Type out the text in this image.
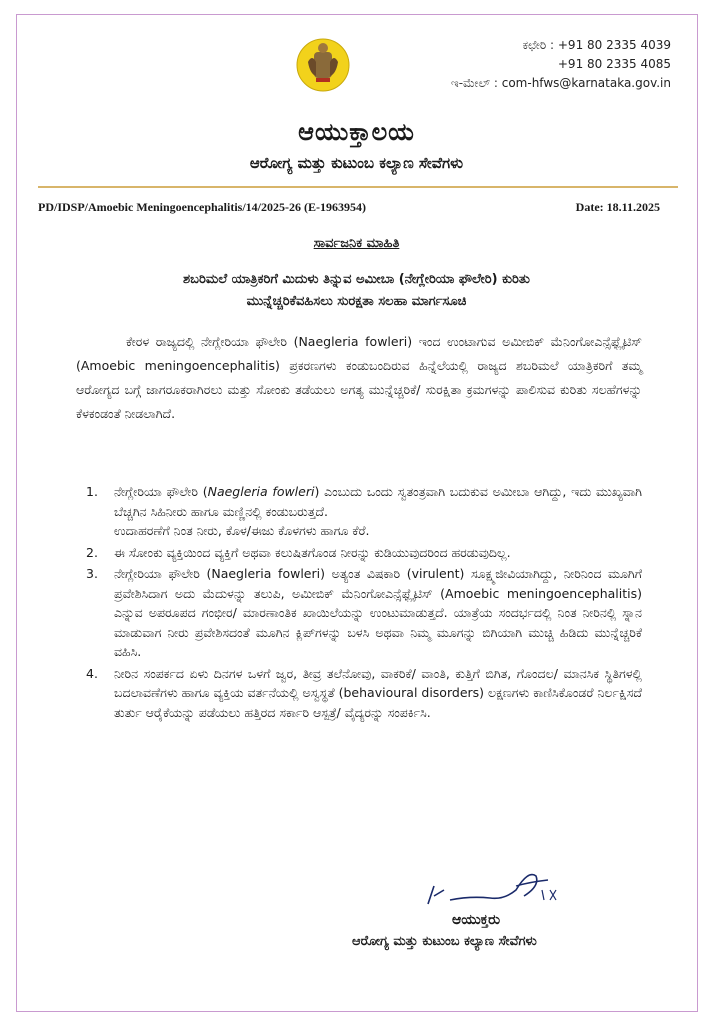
ಕಛೇರಿ : +91 80 2335 4039
+91 80 2335 4085
ಇ-ಮೇಲ್ : com-hfws@karnataka.gov.in
ಆಯುಕ್ತಾಲಯ
ಆರೋಗ್ಯ ಮತ್ತು ಕುಟುಂಬ ಕಲ್ಯಾಣ ಸೇವೆಗಳು
PD/IDSP/Amoebic Meningoencephalitis/14/2025-26 (E-1963954)	Date: 18.11.2025
ಸಾರ್ವಜನಿಕ ಮಾಹಿತಿ
ಶಬರಿಮಲೆ ಯಾತ್ರಿಕರಿಗೆ ಮಿದುಳು ತಿನ್ನುವ ಅಮೀಬಾ (ನೇಗ್ಲೇರಿಯಾ ಫೌಲೇರಿ) ಕುರಿತು
ಮುನ್ನೆಚ್ಚರಿಕೆವಹಿಸಲು ಸುರಕ್ಷತಾ ಸಲಹಾ ಮಾರ್ಗಸೂಚಿ
ಕೇರಳ ರಾಜ್ಯದಲ್ಲಿ ನೇಗ್ಲೇರಿಯಾ ಫೌಲೇರಿ (Naegleria fowleri) ಇಂದ ಉಂಟಾಗುವ ಅಮೀಬಿಕ್ ಮೆನಿಂಗೋಎನ್ಸೆಫ್ಲೈಟಿಸ್ (Amoebic meningoencephalitis) ಪ್ರಕರಣಗಳು ಕಂಡುಬಂದಿರುವ ಹಿನ್ನೆಲೆಯಲ್ಲಿ ರಾಜ್ಯದ ಶಬರಿಮಲೆ ಯಾತ್ರಿಕರಿಗೆ ತಮ್ಮ ಆರೋಗ್ಯದ ಬಗ್ಗೆ ಜಾಗರೂಕರಾಗಿರಲು ಮತ್ತು ಸೋಂಕು ತಡೆಯಲು ಅಗತ್ಯ ಮುನ್ನೆಚ್ಚರಿಕೆ/ ಸುರಕ್ಷಿತಾ ಕ್ರಮಗಳನ್ನು ಪಾಲಿಸುವ ಕುರಿತು ಸಲಹೆಗಳನ್ನು ಕೆಳಕಂಡಂತೆ ನೀಡಲಾಗಿದೆ.
1. ನೇಗ್ಲೇರಿಯಾ ಫೌಲೇರಿ (Naegleria fowleri) ಎಂಬುದು ಒಂದು ಸ್ವತಂತ್ರವಾಗಿ ಬದುಕುವ ಅಮೀಬಾ ಆಗಿದ್ದು, ಇದು ಮುಖ್ಯವಾಗಿ ಬೆಚ್ಚಗಿನ ಸಿಹಿನೀರು ಹಾಗೂ ಮಣ್ಣಿನಲ್ಲಿ ಕಂಡುಬರುತ್ತದೆ.
ಉದಾಹರಣೆಗೆ ನಿಂತ ನೀರು, ಕೊಳ/ಈಜು ಕೊಳಗಳು ಹಾಗೂ ಕೆರೆ.
2. ಈ ಸೋಂಕು ವ್ಯಕ್ತಿಯಿಂದ ವ್ಯಕ್ತಿಗೆ ಅಥವಾ ಕಲುಷಿತಗೊಂಡ ನೀರನ್ನು ಕುಡಿಯುವುದರಿಂದ ಹರಡುವುದಿಲ್ಲ.
3. ನೇಗ್ಲೇರಿಯಾ ಫೌಲೇರಿ (Naegleria fowleri) ಅತ್ಯಂತ ವಿಷಕಾರಿ (virulent) ಸೂಕ್ಷ್ಮಜೀವಿಯಾಗಿದ್ದು, ನೀರಿನಿಂದ ಮೂಗಿಗೆ ಪ್ರವೇಶಿಸಿದಾಗ ಅದು ಮೆದುಳನ್ನು ತಲುಪಿ, ಅಮೀಬಿಕ್ ಮೆನಿಂಗೋಎನ್ಸೆಫ್ಲೈಟಿಸ್ (Amoebic meningoencephalitis) ಎನ್ನುವ ಅಪರೂಪದ ಗಂಭೀರ/ ಮಾರಣಾಂತಿಕ ಖಾಯಿಲೆಯನ್ನು ಉಂಟುಮಾಡುತ್ತದೆ. ಯಾತ್ರೆಯ ಸಂದರ್ಭದಲ್ಲಿ ನಿಂತ ನೀರಿನಲ್ಲಿ ಸ್ನಾನ ಮಾಡುವಾಗ ನೀರು ಪ್ರವೇಶಿಸದಂತೆ ಮೂಗಿನ ಕ್ಲಿಪ್‌ಗಳನ್ನು ಬಳಸಿ ಅಥವಾ ನಿಮ್ಮ ಮೂಗನ್ನು ಬಿಗಿಯಾಗಿ ಮುಚ್ಚಿ ಹಿಡಿದು ಮುನ್ನೆಚ್ಚರಿಕೆ ವಹಿಸಿ.
4. ನೀರಿನ ಸಂಪರ್ಕದ ಏಳು ದಿನಗಳ ಒಳಗೆ ಜ್ವರ, ತೀವ್ರ ತಲೆನೋವು, ವಾಕರಿಕೆ/ ವಾಂತಿ, ಕುತ್ತಿಗೆ ಬಿಗಿತ, ಗೊಂದಲ/ ಮಾನಸಿಕ ಸ್ಥಿತಿಗಳಲ್ಲಿ ಬದಲಾವಣೆಗಳು ಹಾಗೂ ವ್ಯಕ್ತಿಯ ವರ್ತನೆಯಲ್ಲಿ ಅಸ್ವಸ್ಥತೆ (behavioural disorders) ಲಕ್ಷಣಗಳು ಕಾಣಿಸಿಕೊಂಡರೆ ನಿರ್ಲಕ್ಷಿಸದೆ ತುರ್ತು ಆರೈಕೆಯನ್ನು ಪಡೆಯಲು ಹತ್ತಿರದ ಸರ್ಕಾರಿ ಆಸ್ಪತ್ರೆ/ ವೈದ್ಯರನ್ನು ಸಂಪರ್ಕಿಸಿ.
ಆಯುಕ್ತರು
ಆರೋಗ್ಯ ಮತ್ತು ಕುಟುಂಬ ಕಲ್ಯಾಣ ಸೇವೆಗಳು
